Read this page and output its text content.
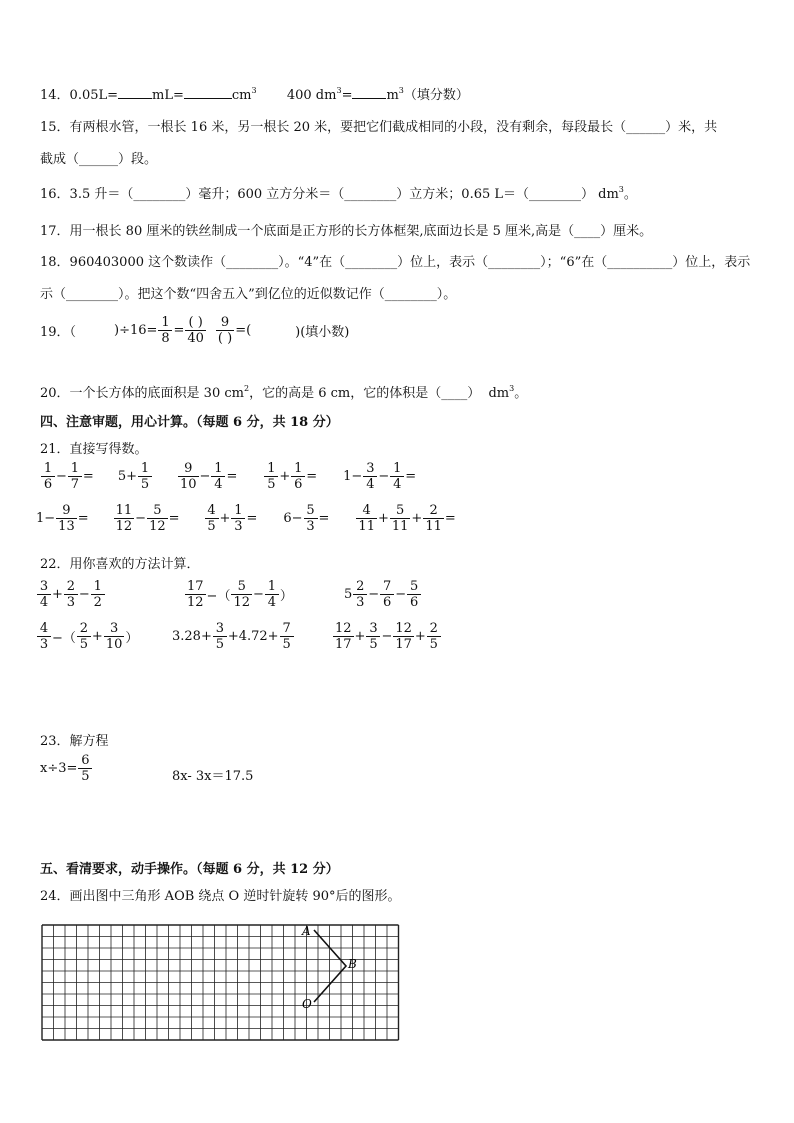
14．0.05L=	mL=	$cm^3$ 400 $dm^3=$	$m^3$（填分数）
15．有两根水管，一根长 16 米，另一根长 20 米，要把它们截成相同的小段，没有剩余，每段最长（______）米，共
截成（______）段。
16．3.5 升＝（________）毫升；600 立方分米＝（________）立方米；0.65 L＝（________） $dm^3$。
17．用一根长 80 厘米的铁丝制成一个底面是正方形的长方体框架,底面边长是 5 厘米,高是（____）厘米。
18．960403000 这个数读作（________）。“4”在（________）位上，表示（________）；“6”在（__________）位上，表示
示（________）。把这个数“四舍五入”到亿位的近似数记作（________）。
19．（	)$\div 16= \frac{1}{8} = \frac{( )}{40} \frac{9}{( )}$ =(	)(填小数)
20．一个长方体的底面积是 30 $cm^2$，它的高是 6 cm，它的体积是（____） $dm^3$。
四、注意审题，用心计算。（每题 6 分，共 18 分）
21．直接写得数。
$\frac{1}{6} - \frac{1}{7} = 5+ \frac{1}{5} \frac{9}{10} - \frac{1}{4} = \frac{1}{5} + \frac{1}{6} = 1- \frac{3}{4} - \frac{1}{4}$ =
$1- \frac{9}{13} = \frac{11}{12} - \frac{5}{12} = \frac{4}{5} + \frac{1}{3} = 6- \frac{5}{3} = \frac{4}{11} + \frac{5}{11} + \frac{2}{11}$ =
22．用你喜欢的方法计算．
$\frac{3}{4} + \frac{2}{3} - \frac{1}{2}$	$\frac{17}{12}$ −（ $\frac{5}{12} - \frac{1}{4}$ ）	$5 \frac{2}{3} - \frac{7}{6} - \frac{5}{6}$
$\frac{4}{3}$ −（ $\frac{2}{5} + \frac{3}{10}$ ）	$3.28+ \frac{3}{5} +4.72+ \frac{7}{5}$	$\frac{12}{17} + \frac{3}{5} - \frac{12}{17} + \frac{2}{5}$
23．解方程
$x\div 3= \frac{6}{5}$	8x- 3x＝17.5
五、看清要求，动手操作。（每题 6 分，共 12 分）
24．画出图中三角形 AOB 绕点 O 逆时针旋转 90°后的图形。
A
B
O
